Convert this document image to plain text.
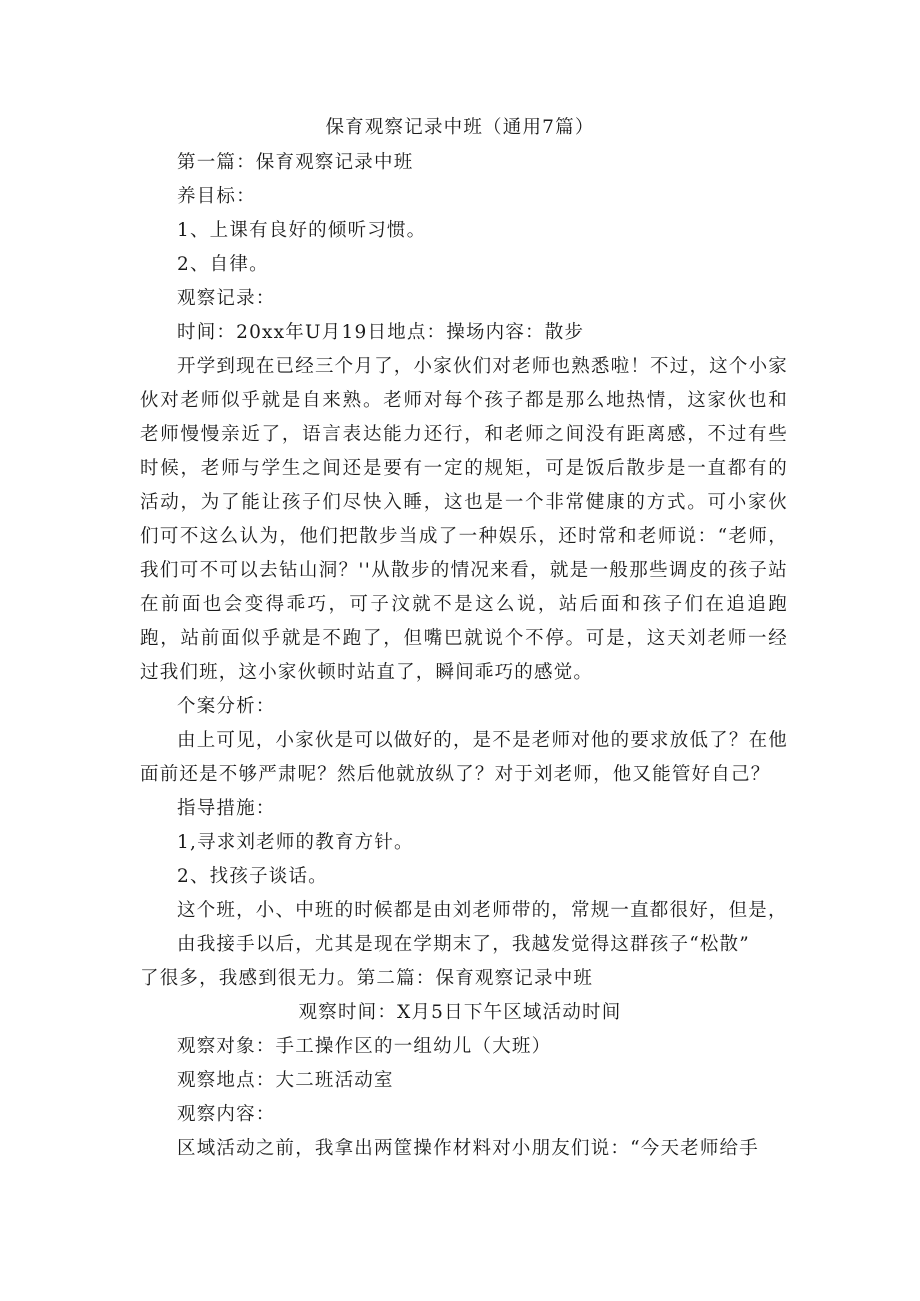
保育观察记录中班（通用7篇）
第一篇：保育观察记录中班
养目标：
1、上课有良好的倾听习惯。
2、自律。
观察记录：
时间：20xx年U月19日地点：操场内容：散步
开学到现在已经三个月了，小家伙们对老师也熟悉啦！不过，这个小家伙对老师似乎就是自来熟。老师对每个孩子都是那么地热情，这家伙也和老师慢慢亲近了，语言表达能力还行，和老师之间没有距离感，不过有些时候，老师与学生之间还是要有一定的规矩，可是饭后散步是一直都有的活动，为了能让孩子们尽快入睡，这也是一个非常健康的方式。可小家伙们可不这么认为，他们把散步当成了一种娱乐，还时常和老师说：“老师，我们可不可以去钻山洞？''从散步的情况来看，就是一般那些调皮的孩子站在前面也会变得乖巧，可子汶就不是这么说，站后面和孩子们在追追跑跑，站前面似乎就是不跑了，但嘴巴就说个不停。可是，这天刘老师一经过我们班，这小家伙顿时站直了，瞬间乖巧的感觉。
个案分析：
由上可见，小家伙是可以做好的，是不是老师对他的要求放低了？在他面前还是不够严肃呢？然后他就放纵了？对于刘老师，他又能管好自己？
指导措施：
1,寻求刘老师的教育方针。
2、找孩子谈话。
这个班，小、中班的时候都是由刘老师带的，常规一直都很好，但是，
由我接手以后，尤其是现在学期末了，我越发觉得这群孩子“松散”
了很多，我感到很无力。第二篇：保育观察记录中班
观察时间：X月5日下午区域活动时间
观察对象：手工操作区的一组幼儿（大班）
观察地点：大二班活动室
观察内容：
区域活动之前，我拿出两筐操作材料对小朋友们说：“今天老师给手
